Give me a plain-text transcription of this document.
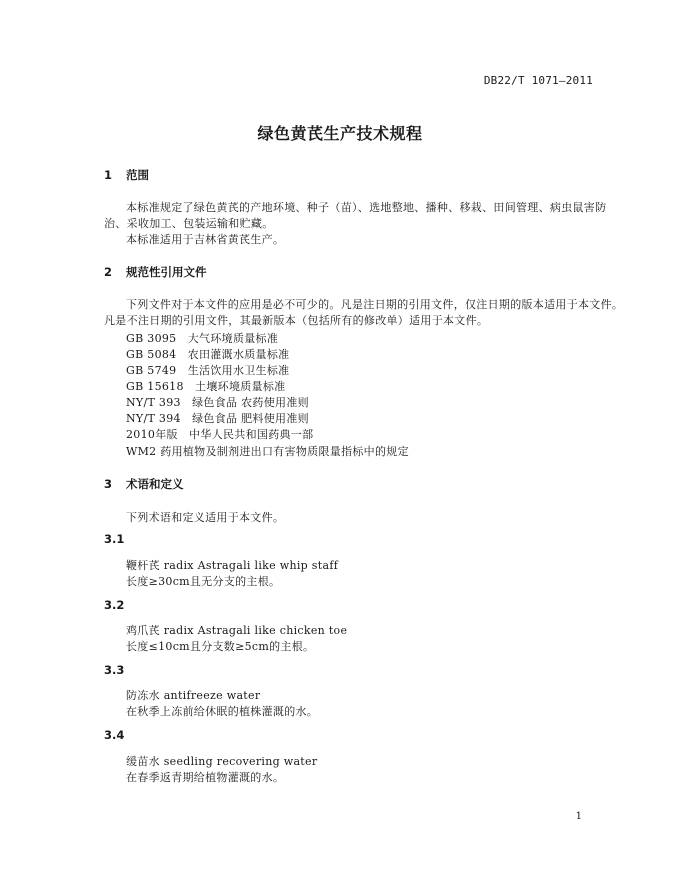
DB22/T 1071—2011
绿色黄芪生产技术规程
1 范围
本标准规定了绿色黄芪的产地环境、种子（苗）、选地整地、播种、移栽、田间管理、病虫鼠害防
治、采收加工、包装运输和贮藏。
本标准适用于吉林省黄芪生产。
2 规范性引用文件
下列文件对于本文件的应用是必不可少的。凡是注日期的引用文件，仅注日期的版本适用于本文件。
凡是不注日期的引用文件，其最新版本（包括所有的修改单）适用于本文件。
GB 3095　大气环境质量标准
GB 5084　农田灌溉水质量标准
GB 5749　生活饮用水卫生标准
GB 15618　土壤环境质量标准
NY/T 393　绿色食品 农药使用准则
NY/T 394　绿色食品 肥料使用准则
2010年版　中华人民共和国药典一部
WM2 药用植物及制剂进出口有害物质限量指标中的规定
3 术语和定义
下列术语和定义适用于本文件。
3.1
鞭杆芪 radix Astragali like whip staff
长度≥30cm且无分支的主根。
3.2
鸡爪芪 radix Astragali like chicken toe
长度≤10cm且分支数≥5cm的主根。
3.3
防冻水 antifreeze water
在秋季上冻前给休眠的植株灌溉的水。
3.4
缓苗水 seedling recovering water
在春季返青期给植物灌溉的水。
1
